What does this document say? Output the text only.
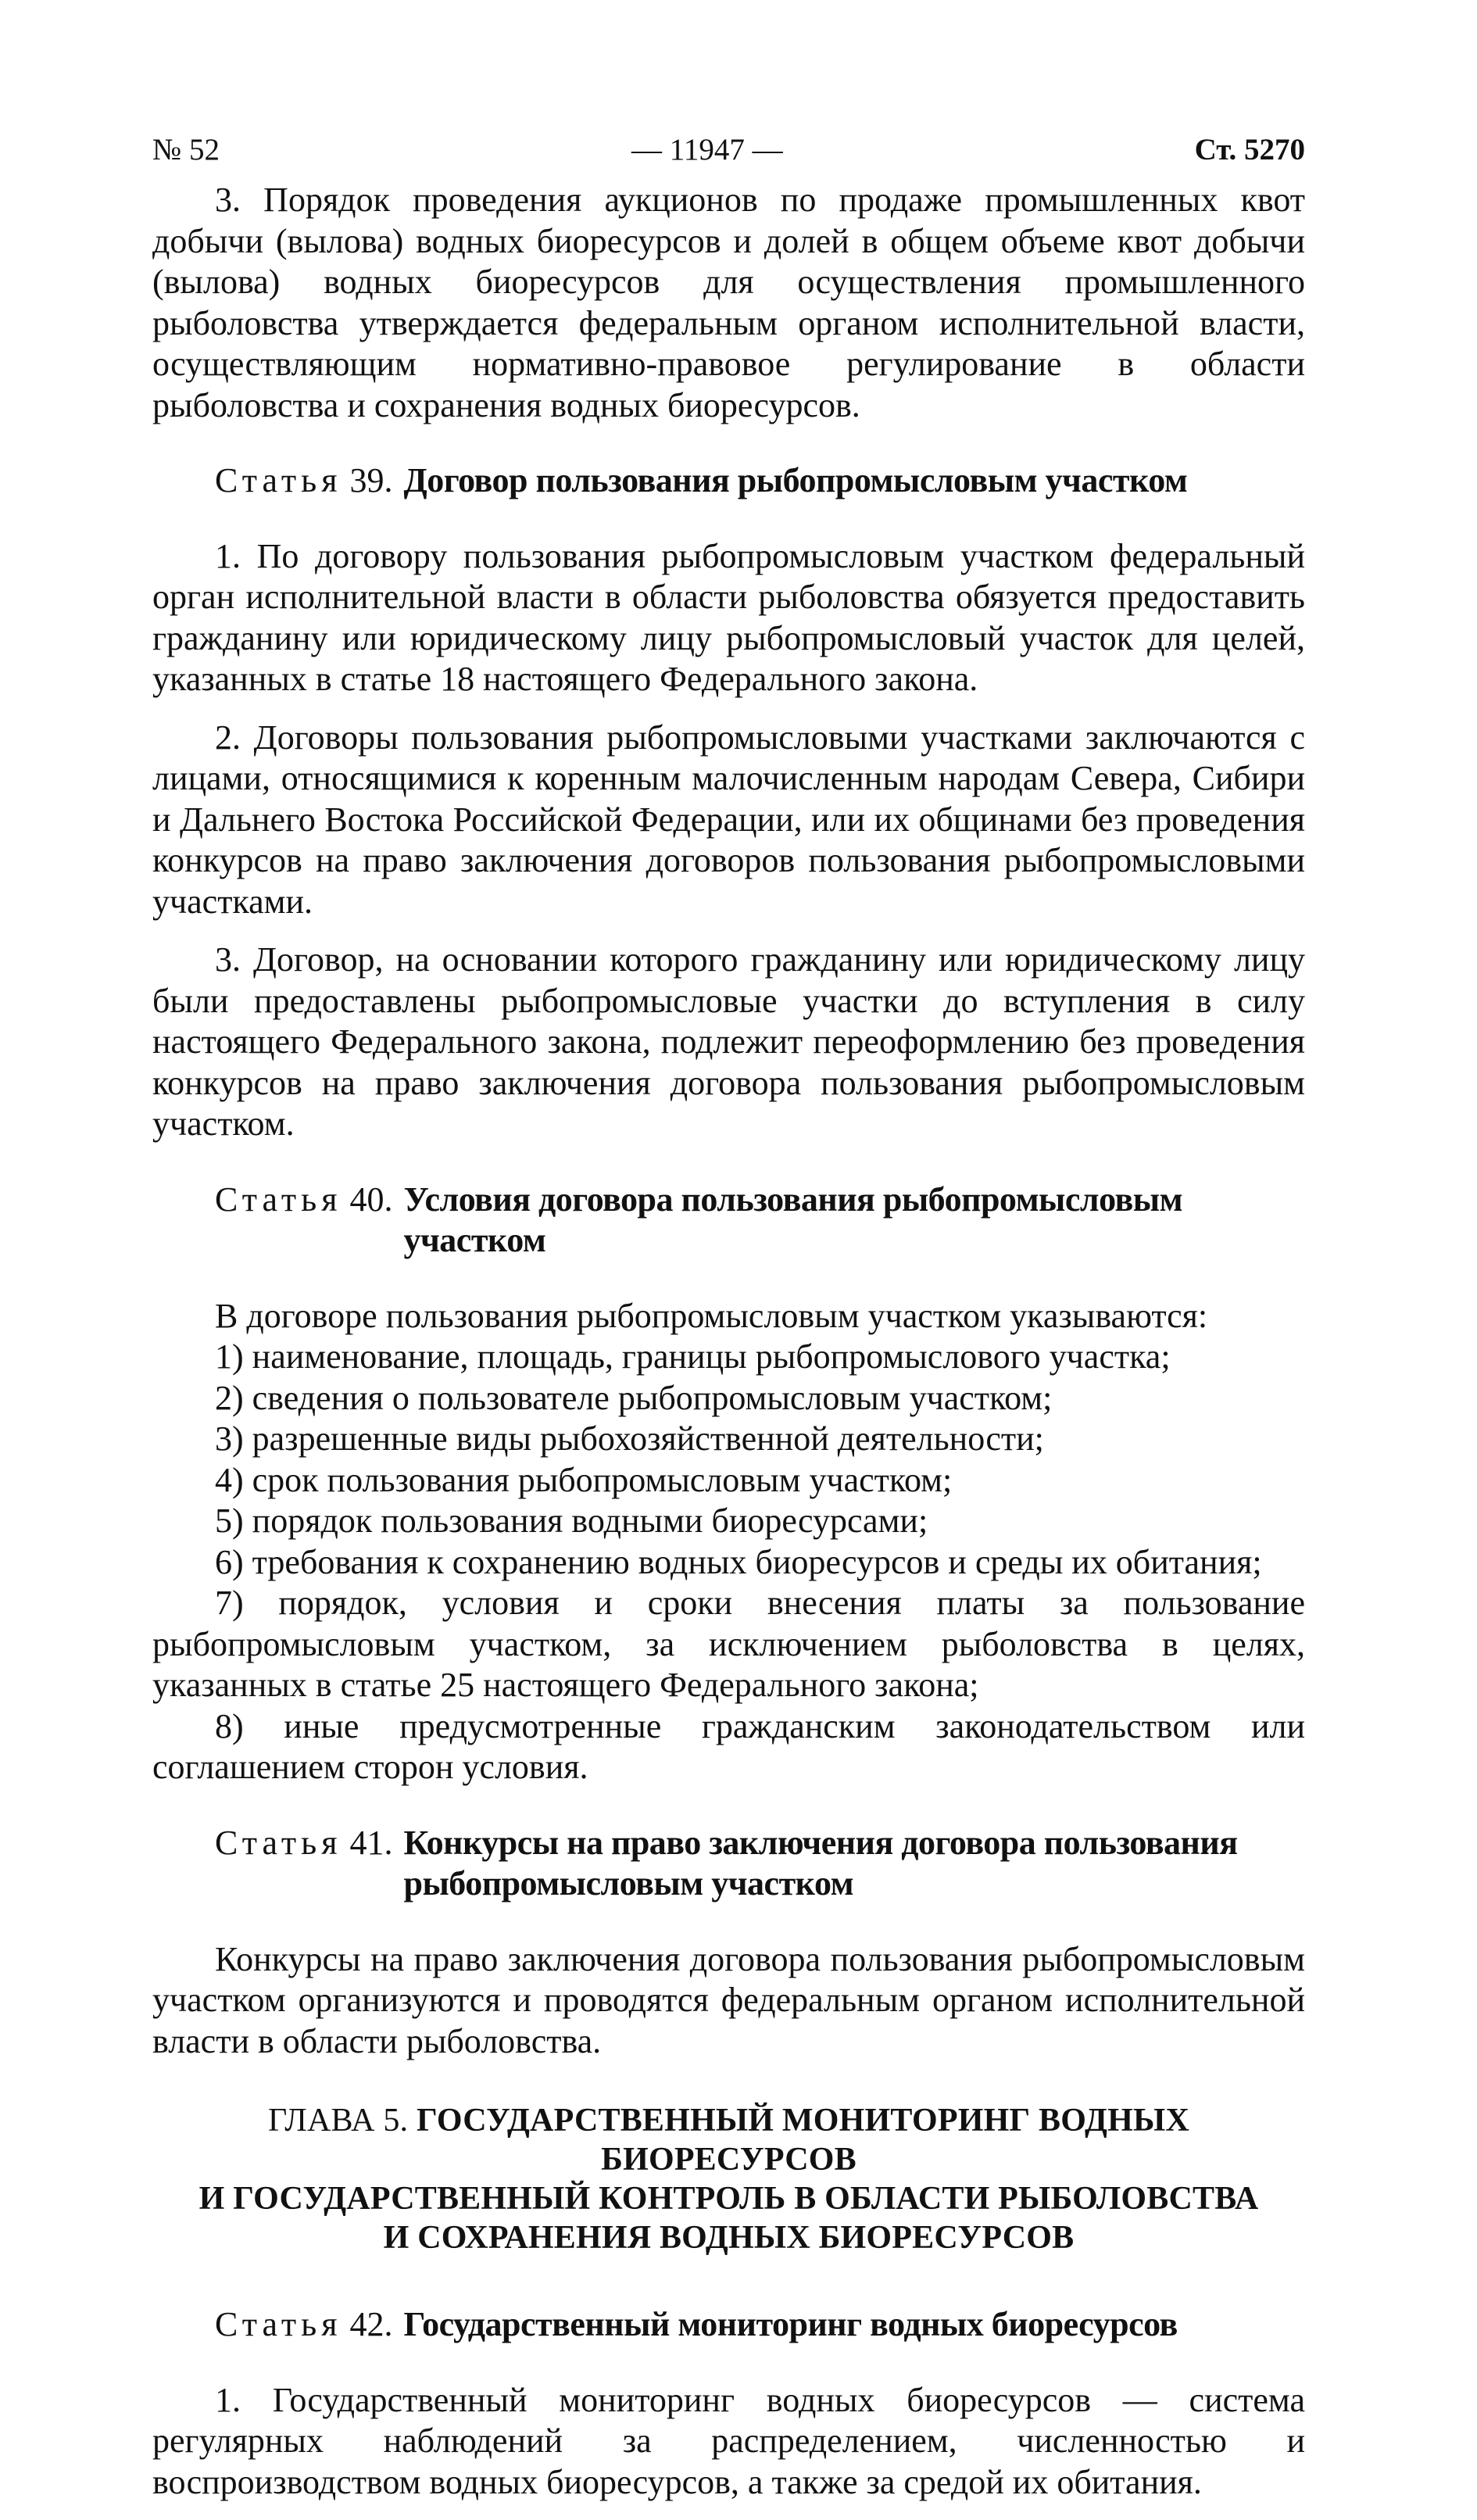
№ 52	— 11947 —	Ст. 5270

3. Порядок проведения аукционов по продаже промышленных квот добычи (вылова) водных биоресурсов и долей в общем объеме квот добычи (вылова) водных биоресурсов для осуществления промышленного рыболовства утверждается федеральным органом исполнительной власти, осуществляющим нормативно-правовое регулирование в области рыболовства и сохранения водных биоресурсов.

Статья 39. Договор пользования рыбопромысловым участком

1. По договору пользования рыбопромысловым участком федеральный орган исполнительной власти в области рыболовства обязуется предоставить гражданину или юридическому лицу рыбопромысловый участок для целей, указанных в статье 18 настоящего Федерального закона.

2. Договоры пользования рыбопромысловыми участками заключаются с лицами, относящимися к коренным малочисленным народам Севера, Сибири и Дальнего Востока Российской Федерации, или их общинами без проведения конкурсов на право заключения договоров пользования рыбопромысловыми участками.

3. Договор, на основании которого гражданину или юридическому лицу были предоставлены рыбопромысловые участки до вступления в силу настоящего Федерального закона, подлежит переоформлению без проведения конкурсов на право заключения договора пользования рыбопромысловым участком.

Статья 40. Условия договора пользования рыбопромысловым участком

В договоре пользования рыбопромысловым участком указываются:

1) наименование, площадь, границы рыбопромыслового участка;

2) сведения о пользователе рыбопромысловым участком;

3) разрешенные виды рыбохозяйственной деятельности;

4) срок пользования рыбопромысловым участком;

5) порядок пользования водными биоресурсами;

6) требования к сохранению водных биоресурсов и среды их обитания;

7) порядок, условия и сроки внесения платы за пользование рыбопромысловым участком, за исключением рыболовства в целях, указанных в статье 25 настоящего Федерального закона;

8) иные предусмотренные гражданским законодательством или соглашением сторон условия.

Статья 41. Конкурсы на право заключения договора пользования рыбопромысловым участком

Конкурсы на право заключения договора пользования рыбопромысловым участком организуются и проводятся федеральным органом исполнительной власти в области рыболовства.

ГЛАВА 5. ГОСУДАРСТВЕННЫЙ МОНИТОРИНГ ВОДНЫХ БИОРЕСУРСОВ
И ГОСУДАРСТВЕННЫЙ КОНТРОЛЬ В ОБЛАСТИ РЫБОЛОВСТВА
И СОХРАНЕНИЯ ВОДНЫХ БИОРЕСУРСОВ
Статья 42. Государственный мониторинг водных биоресурсов

1. Государственный мониторинг водных биоресурсов — система регулярных наблюдений за распределением, численностью и воспроизводством водных биоресурсов, а также за средой их обитания.
